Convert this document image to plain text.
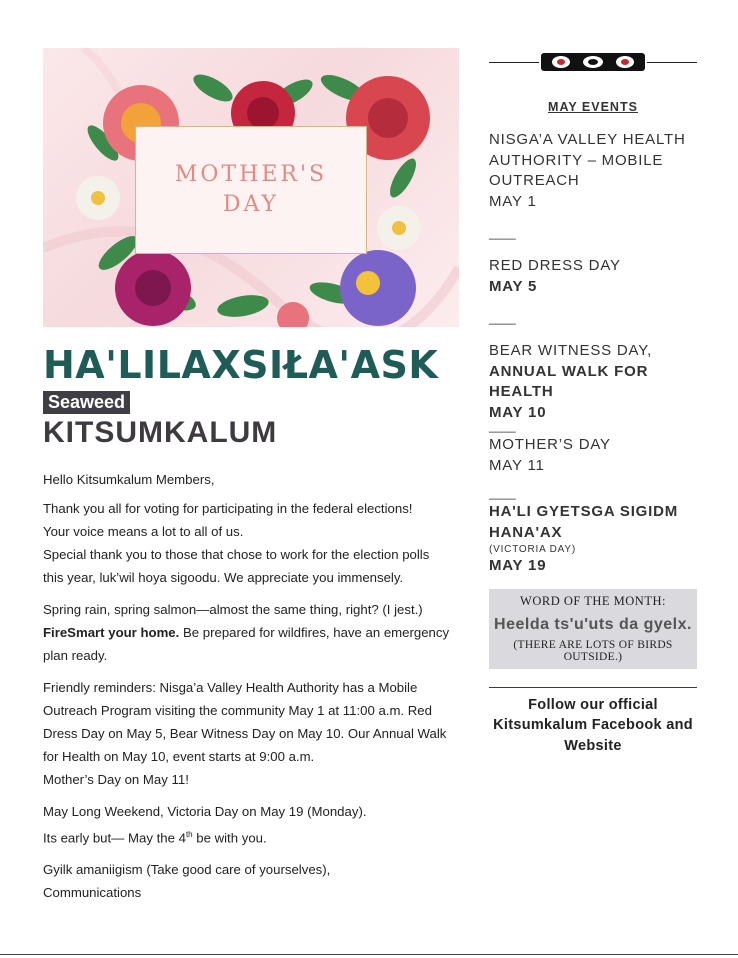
MOTHER'S
DAY
HA'LILAXSIŁA'ASK
Seaweed
KITSUMKALUM

Hello Kitsumkalum Members,

Thank you all for voting for participating in the federal elections!
Your voice means a lot to all of us.
Special thank you to those that chose to work for the election polls
this year, luk’wil hoya sigoodu. We appreciate you immensely.

Spring rain, spring salmon—almost the same thing, right? (I jest.)
FireSmart your home. Be prepared for wildfires, have an emergency
plan ready.

Friendly reminders: Nisga’a Valley Health Authority has a Mobile
Outreach Program visiting the community May 1 at 11:00 a.m. Red
Dress Day on May 5, Bear Witness Day on May 10. Our Annual Walk
for Health on May 10, event starts at 9:00 a.m.
Mother’s Day on May 11!

May Long Weekend, Victoria Day on May 19 (Monday).
Its early but— May the 4th be with you.

Gyilk amaniigism (Take good care of yourselves),
Communications

MAY EVENTS
NISGA’A VALLEY HEALTH AUTHORITY – MOBILE OUTREACH
MAY 1
____
RED DRESS DAY
MAY 5
____
BEAR WITNESS DAY,
ANNUAL WALK FOR HEALTH
MAY 10
____
MOTHER’S DAY
MAY 11
____
HA'LI GYETSGA SIGIDM HANA'AX
(VICTORIA DAY)
MAY 19
WORD OF THE MONTH:
Heelda ts'u'uts da gyelx.
(THERE ARE LOTS OF BIRDS OUTSIDE.)
Follow our official Kitsumkalum Facebook and Website
